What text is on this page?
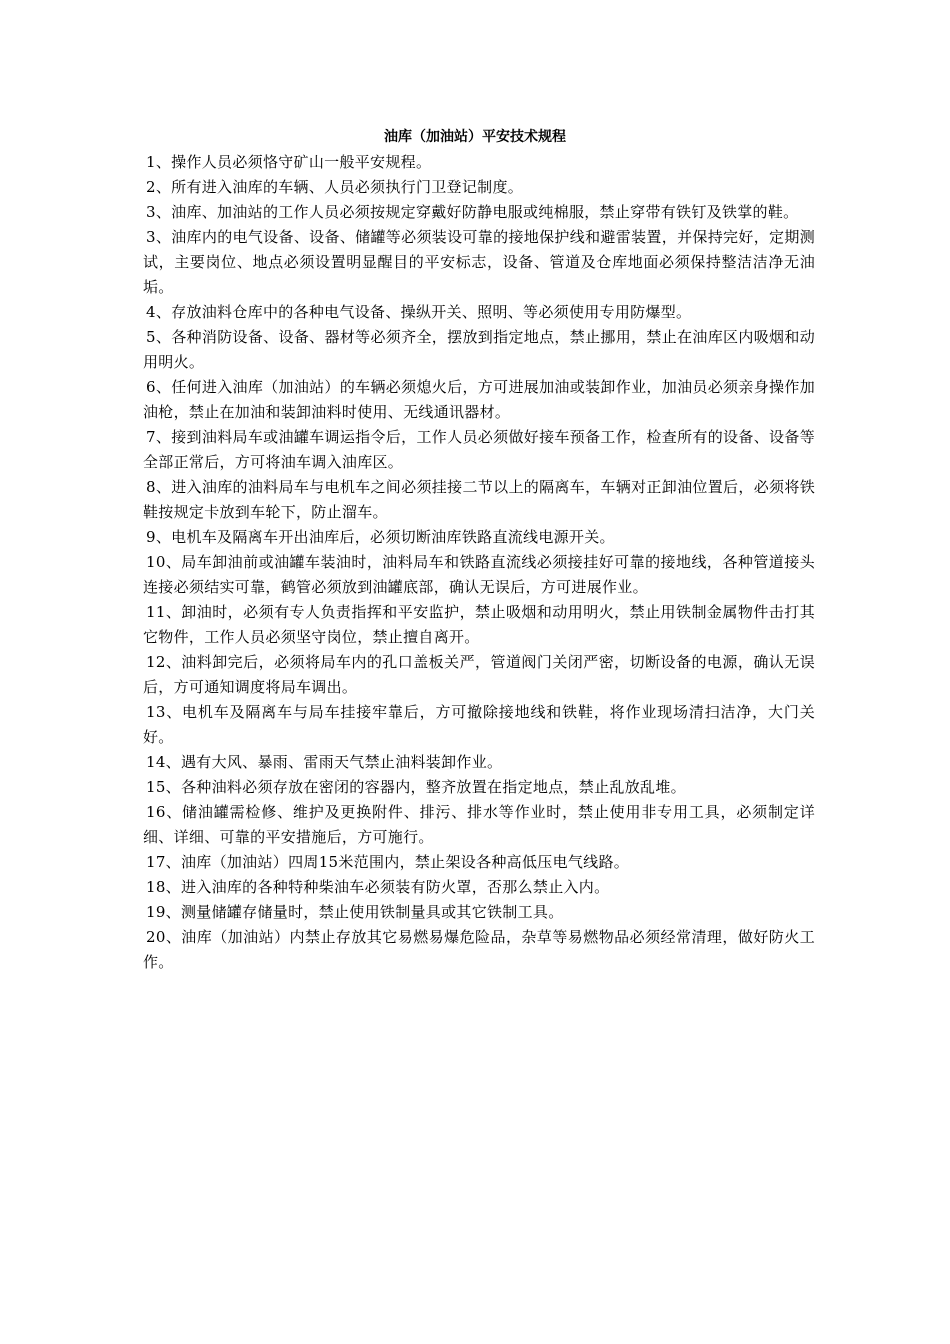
油库（加油站）平安技术规程

1、操作人员必须恪守矿山一般平安规程。

2、所有进入油库的车辆、人员必须执行门卫登记制度。

3、油库、加油站的工作人员必须按规定穿戴好防静电服或纯棉服，禁止穿带有铁钉及铁掌的鞋。

3、油库内的电气设备、设备、储罐等必须装设可靠的接地保护线和避雷装置，并保持完好，定期测试，主要岗位、地点必须设置明显醒目的平安标志，设备、管道及仓库地面必须保持整洁洁净无油垢。

4、存放油料仓库中的各种电气设备、操纵开关、照明、等必须使用专用防爆型。

5、各种消防设备、设备、器材等必须齐全，摆放到指定地点，禁止挪用，禁止在油库区内吸烟和动用明火。

6、任何进入油库（加油站）的车辆必须熄火后，方可进展加油或装卸作业，加油员必须亲身操作加油枪，禁止在加油和装卸油料时使用、无线通讯器材。

7、接到油料局车或油罐车调运指令后，工作人员必须做好接车预备工作，检查所有的设备、设备等全部正常后，方可将油车调入油库区。

8、进入油库的油料局车与电机车之间必须挂接二节以上的隔离车，车辆对正卸油位置后，必须将铁鞋按规定卡放到车轮下，防止溜车。

9、电机车及隔离车开出油库后，必须切断油库铁路直流线电源开关。

10、局车卸油前或油罐车装油时，油料局车和铁路直流线必须接挂好可靠的接地线，各种管道接头连接必须结实可靠，鹤管必须放到油罐底部，确认无误后，方可进展作业。

11、卸油时，必须有专人负责指挥和平安监护，禁止吸烟和动用明火，禁止用铁制金属物件击打其它物件，工作人员必须坚守岗位，禁止擅自离开。

12、油料卸完后，必须将局车内的孔口盖板关严，管道阀门关闭严密，切断设备的电源，确认无误后，方可通知调度将局车调出。

13、电机车及隔离车与局车挂接牢靠后，方可撤除接地线和铁鞋，将作业现场清扫洁净，大门关好。

14、遇有大风、暴雨、雷雨天气禁止油料装卸作业。

15、各种油料必须存放在密闭的容器内，整齐放置在指定地点，禁止乱放乱堆。

16、储油罐需检修、维护及更换附件、排污、排水等作业时，禁止使用非专用工具，必须制定详细、详细、可靠的平安措施后，方可施行。

17、油库（加油站）四周15米范围内，禁止架设各种高低压电气线路。

18、进入油库的各种特种柴油车必须装有防火罩，否那么禁止入内。

19、测量储罐存储量时，禁止使用铁制量具或其它铁制工具。

20、油库（加油站）内禁止存放其它易燃易爆危险品，杂草等易燃物品必须经常清理，做好防火工作。
